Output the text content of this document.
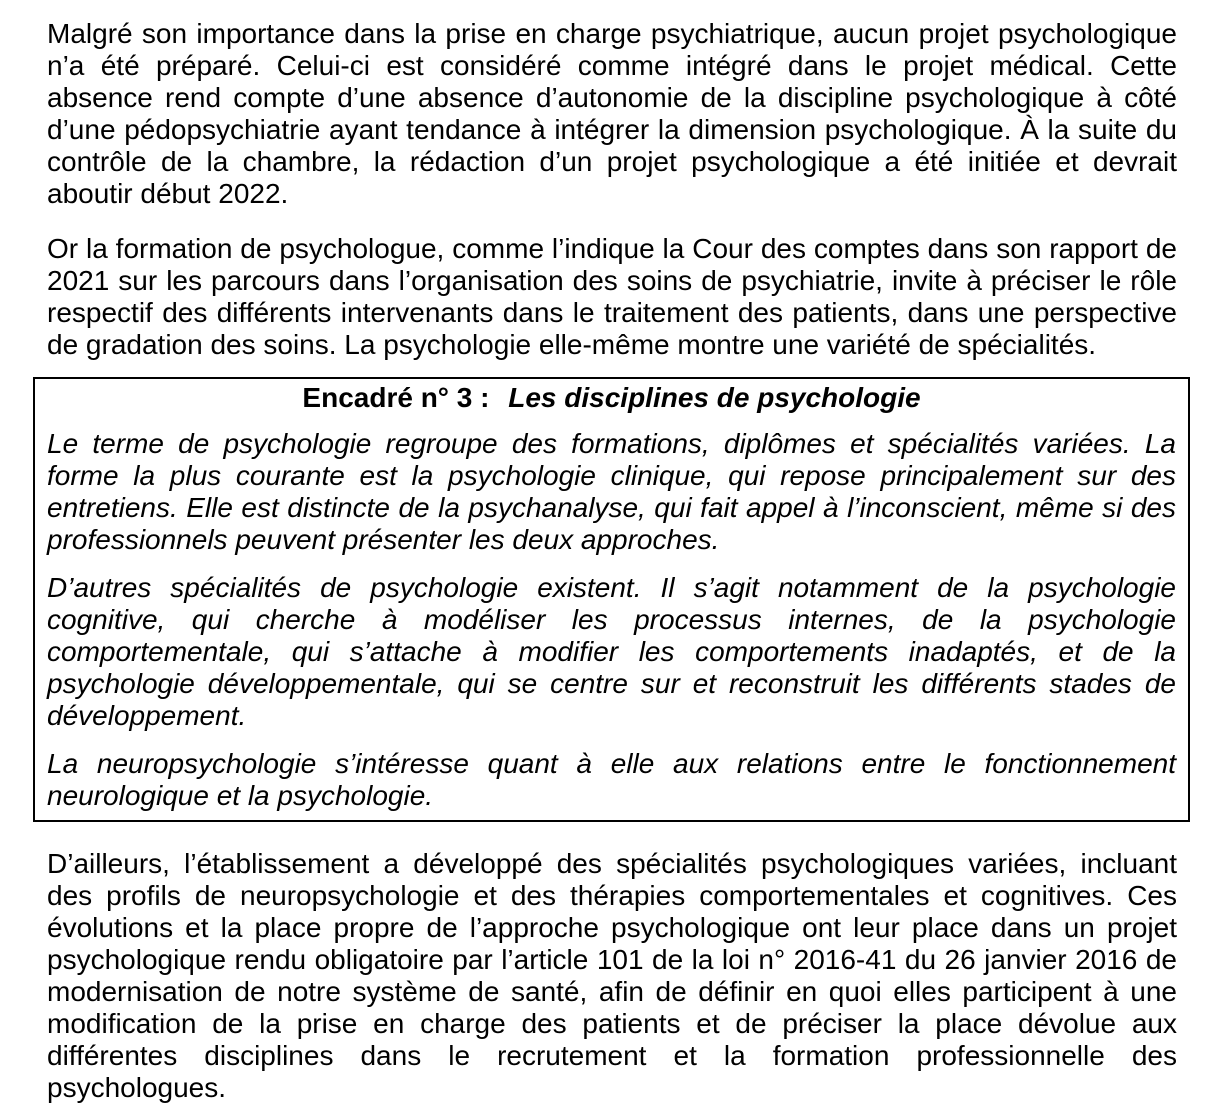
Malgré son importance dans la prise en charge psychiatrique, aucun projet psychologique n’a été préparé. Celui-ci est considéré comme intégré dans le projet médical. Cette absence rend compte d’une absence d’autonomie de la discipline psychologique à côté d’une pédopsychiatrie ayant tendance à intégrer la dimension psychologique. À la suite du contrôle de la chambre, la rédaction d’un projet psychologique a été initiée et devrait aboutir début 2022.

Or la formation de psychologue, comme l’indique la Cour des comptes dans son rapport de 2021 sur les parcours dans l’organisation des soins de psychiatrie, invite à préciser le rôle respectif des différents intervenants dans le traitement des patients, dans une perspective de gradation des soins. La psychologie elle-même montre une variété de spécialités.

Encadré n° 3 : Les disciplines de psychologie

Le terme de psychologie regroupe des formations, diplômes et spécialités variées. La forme la plus courante est la psychologie clinique, qui repose principalement sur des entretiens. Elle est distincte de la psychanalyse, qui fait appel à l’inconscient, même si des professionnels peuvent présenter les deux approches.

D’autres spécialités de psychologie existent. Il s’agit notamment de la psychologie cognitive, qui cherche à modéliser les processus internes, de la psychologie comportementale, qui s’attache à modifier les comportements inadaptés, et de la psychologie développementale, qui se centre sur et reconstruit les différents stades de développement.

La neuropsychologie s’intéresse quant à elle aux relations entre le fonctionnement neurologique et la psychologie.

D’ailleurs, l’établissement a développé des spécialités psychologiques variées, incluant des profils de neuropsychologie et des thérapies comportementales et cognitives. Ces évolutions et la place propre de l’approche psychologique ont leur place dans un projet psychologique rendu obligatoire par l’article 101 de la loi n° 2016-41 du 26 janvier 2016 de modernisation de notre système de santé, afin de définir en quoi elles participent à une modification de la prise en charge des patients et de préciser la place dévolue aux différentes disciplines dans le recrutement et la formation professionnelle des psychologues.
